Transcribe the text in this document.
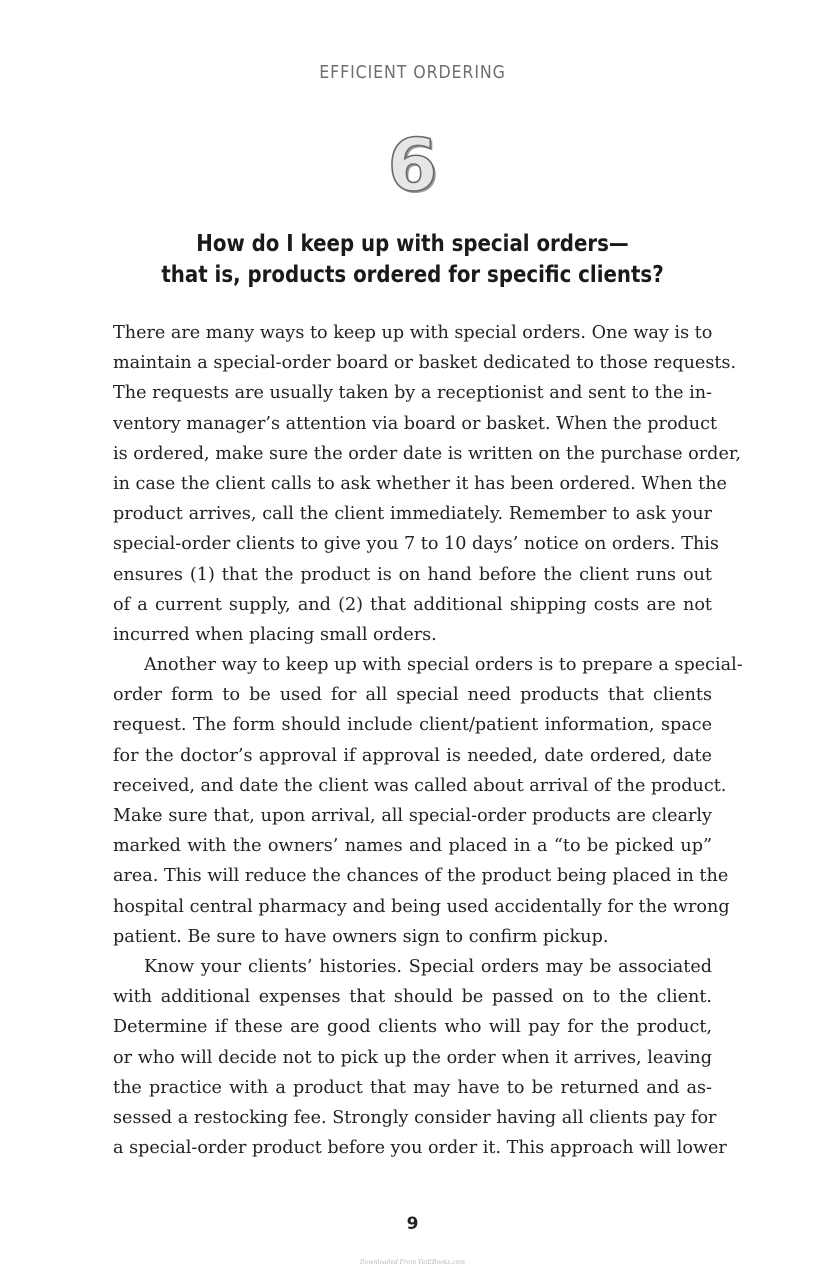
EFFICIENT ORDERING
6
How do I keep up with special orders—
that is, products ordered for specific clients?
There are many ways to keep up with special orders. One way is to
maintain a special-order board or basket dedicated to those requests.
The requests are usually taken by a receptionist and sent to the in-
ventory manager’s attention via board or basket. When the product
is ordered, make sure the order date is written on the purchase order,
in case the client calls to ask whether it has been ordered. When the
product arrives, call the client immediately. Remember to ask your
special-order clients to give you 7 to 10 days’ notice on orders. This
ensures (1) that the product is on hand before the client runs out
of a current supply, and (2) that additional shipping costs are not
incurred when placing small orders.
Another way to keep up with special orders is to prepare a special-
order form to be used for all special need products that clients
request. The form should include client/patient information, space
for the doctor’s approval if approval is needed, date ordered, date
received, and date the client was called about arrival of the product.
Make sure that, upon arrival, all special-order products are clearly
marked with the owners’ names and placed in a “to be picked up”
area. This will reduce the chances of the product being placed in the
hospital central pharmacy and being used accidentally for the wrong
patient. Be sure to have owners sign to confirm pickup.
Know your clients’ histories. Special orders may be associated
with additional expenses that should be passed on to the client.
Determine if these are good clients who will pay for the product,
or who will decide not to pick up the order when it arrives, leaving
the practice with a product that may have to be returned and as-
sessed a restocking fee. Strongly consider having all clients pay for
a special-order product before you order it. This approach will lower
9
Downloaded From VetEBooks.com
